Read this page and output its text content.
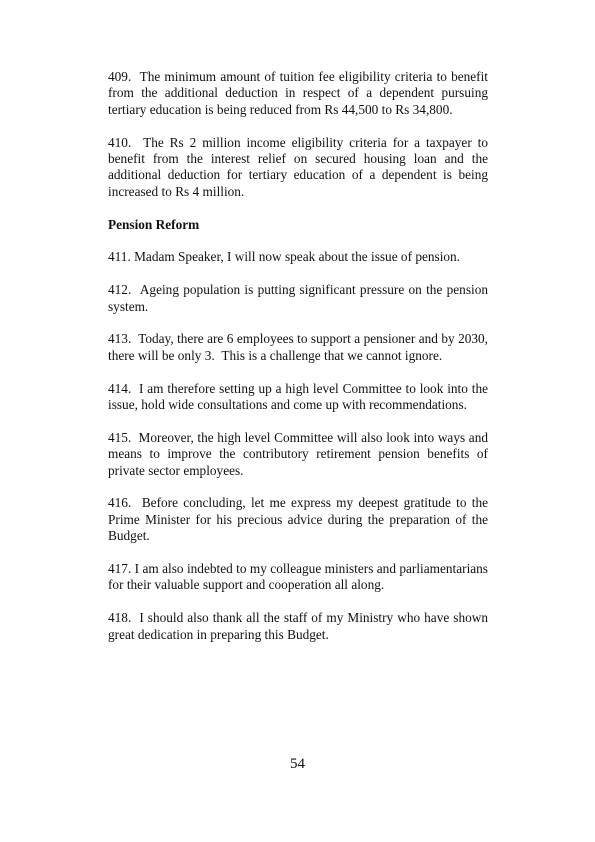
409.  The minimum amount of tuition fee eligibility criteria to benefit from the additional deduction in respect of a dependent pursuing tertiary education is being reduced from Rs 44,500 to Rs 34,800.

410.  The Rs 2 million income eligibility criteria for a taxpayer to benefit from the interest relief on secured housing loan and the additional deduction for tertiary education of a dependent is being increased to Rs 4 million.

Pension Reform

411. Madam Speaker, I will now speak about the issue of pension.

412.  Ageing population is putting significant pressure on the pension system.

413.  Today, there are 6 employees to support a pensioner and by 2030, there will be only 3.  This is a challenge that we cannot ignore.

414.  I am therefore setting up a high level Committee to look into the issue, hold wide consultations and come up with recommendations.

415.  Moreover, the high level Committee will also look into ways and means to improve the contributory retirement pension benefits of private sector employees.

416.  Before concluding, let me express my deepest gratitude to the Prime Minister for his precious advice during the preparation of the Budget.

417. I am also indebted to my colleague ministers and parliamentarians for their valuable support and cooperation all along.

418.  I should also thank all the staff of my Ministry who have shown great dedication in preparing this Budget.

54
